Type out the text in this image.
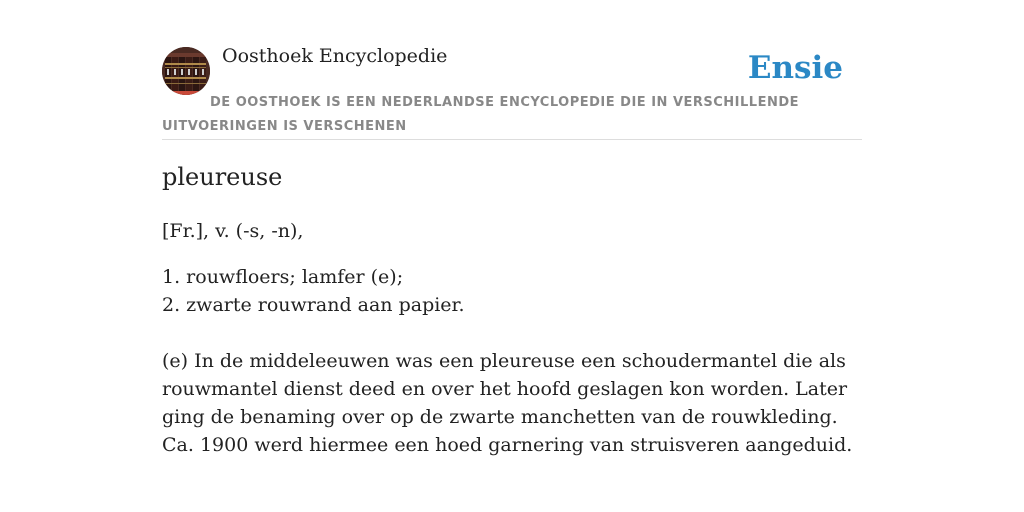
Oosthoek Encyclopedie	Ensie
DE OOSTHOEK IS EEN NEDERLANDSE ENCYCLOPEDIE DIE IN VERSCHILLENDE UITVOERINGEN IS VERSCHENEN
pleureuse
[Fr.], v. (-s, -n),
1. rouwfloers; lamfer (e);
2. zwarte rouwrand aan papier.

(e) In de middeleeuwen was een pleureuse een schoudermantel die als rouwmantel dienst deed en over het hoofd geslagen kon worden. Later ging de benaming over op de zwarte manchetten van de rouwkleding. Ca. 1900 werd hiermee een hoed garnering van struisveren aangeduid.
